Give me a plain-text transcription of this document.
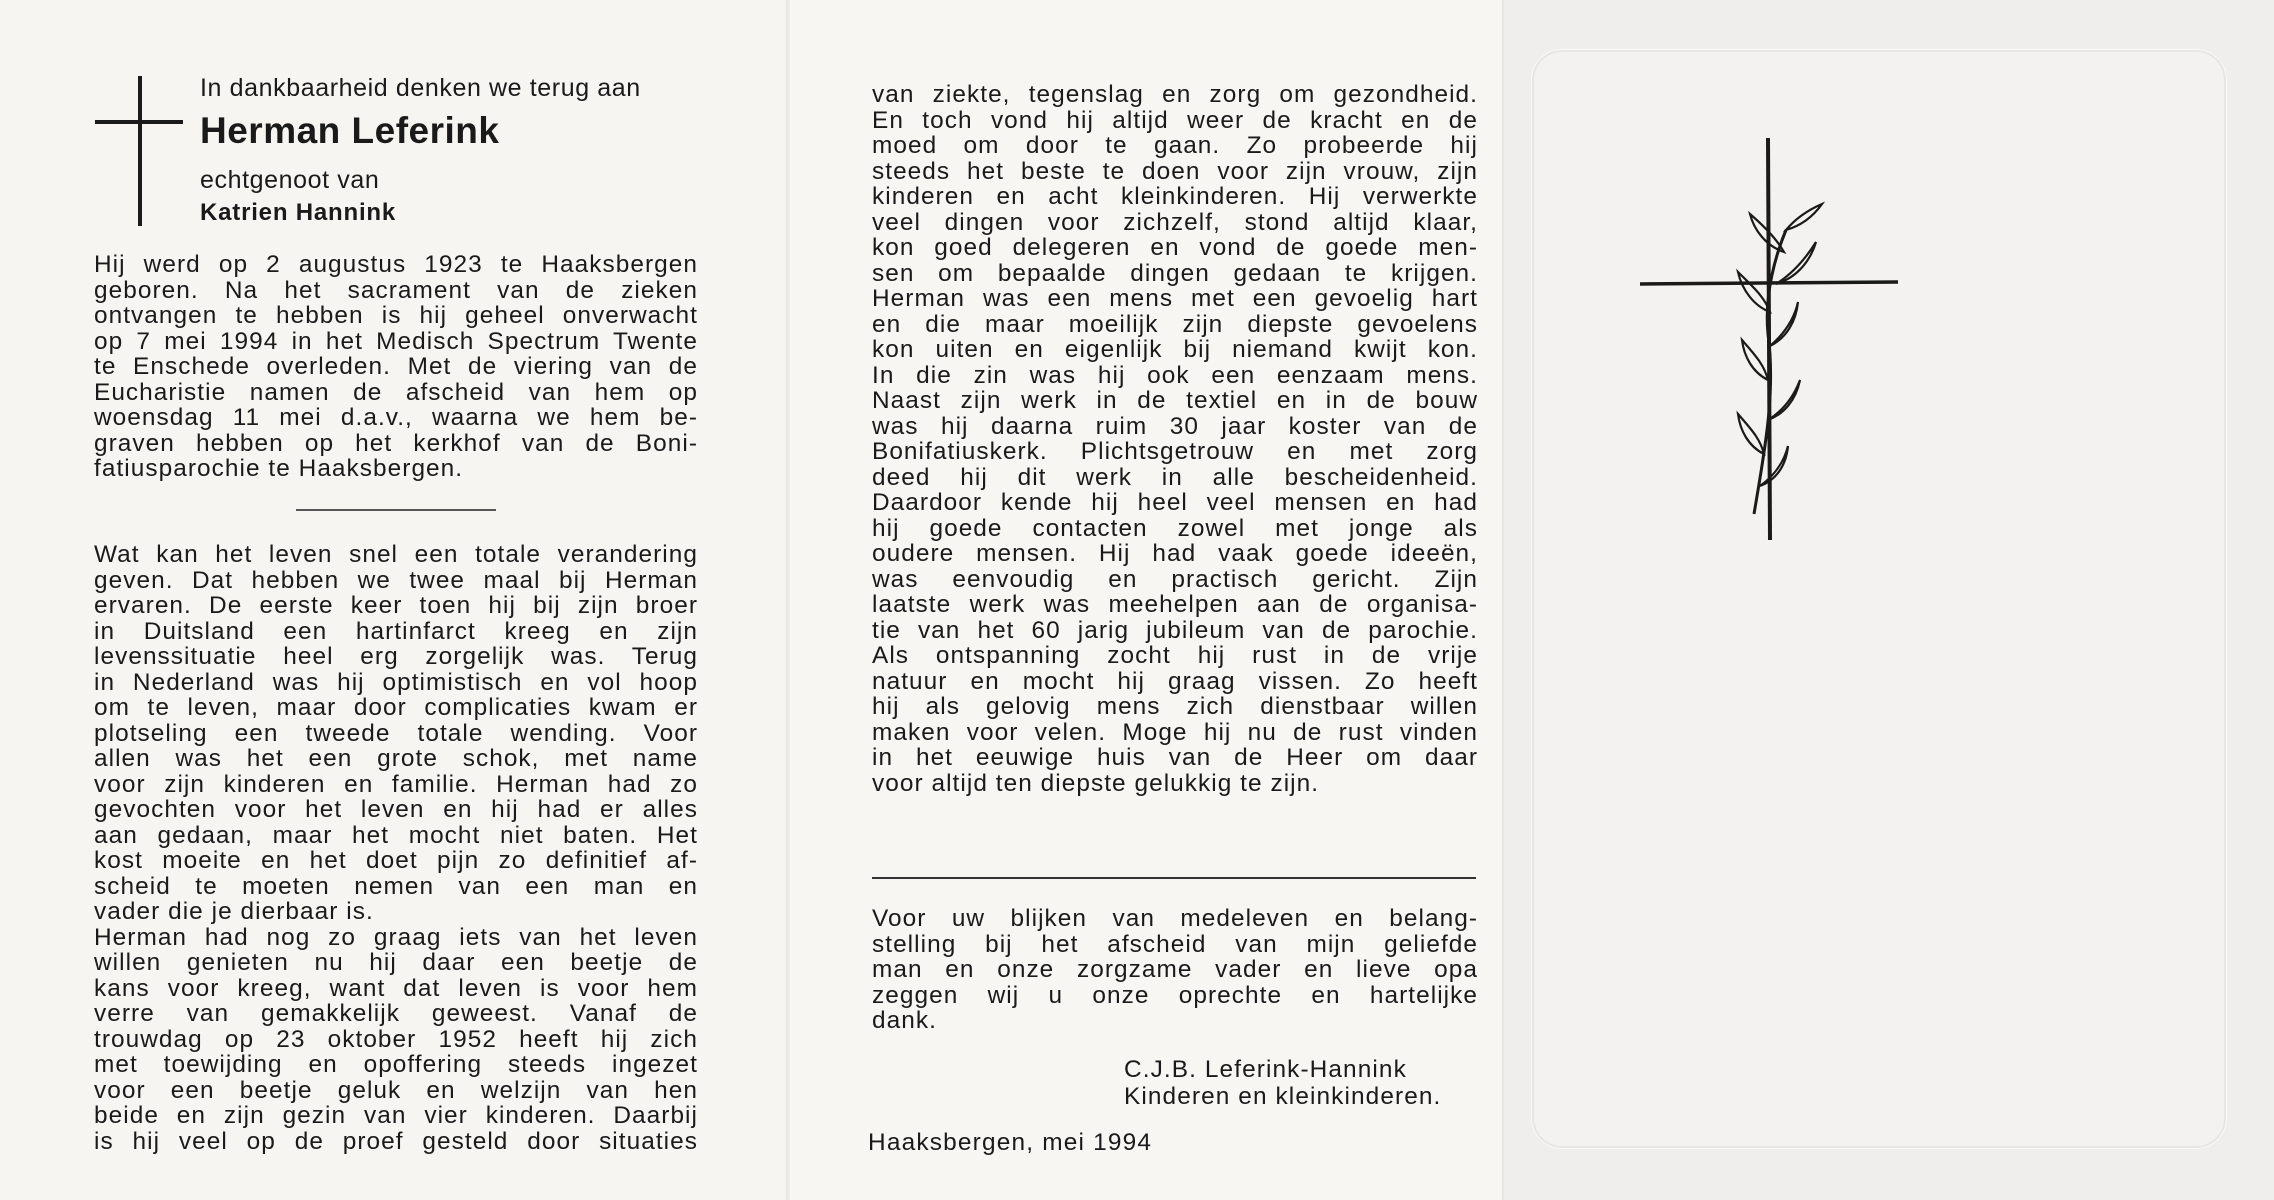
In dankbaarheid denken we terug aan
Herman Leferink
echtgenoot van
Katrien Hannink
Hij werd op 2 augustus 1923 te Haaksbergen
geboren. Na het sacrament van de zieken
ontvangen te hebben is hij geheel onverwacht
op 7 mei 1994 in het Medisch Spectrum Twente
te Enschede overleden. Met de viering van de
Eucharistie namen de afscheid van hem op
woensdag 11 mei d.a.v., waarna we hem be-
graven hebben op het kerkhof van de Boni-
fatiusparochie te Haaksbergen.
Wat kan het leven snel een totale verandering
geven. Dat hebben we twee maal bij Herman
ervaren. De eerste keer toen hij bij zijn broer
in Duitsland een hartinfarct kreeg en zijn
levenssituatie heel erg zorgelijk was. Terug
in Nederland was hij optimistisch en vol hoop
om te leven, maar door complicaties kwam er
plotseling een tweede totale wending. Voor
allen was het een grote schok, met name
voor zijn kinderen en familie. Herman had zo
gevochten voor het leven en hij had er alles
aan gedaan, maar het mocht niet baten. Het
kost moeite en het doet pijn zo definitief af-
scheid te moeten nemen van een man en
vader die je dierbaar is.
Herman had nog zo graag iets van het leven
willen genieten nu hij daar een beetje de
kans voor kreeg, want dat leven is voor hem
verre van gemakkelijk geweest. Vanaf de
trouwdag op 23 oktober 1952 heeft hij zich
met toewijding en opoffering steeds ingezet
voor een beetje geluk en welzijn van hen
beide en zijn gezin van vier kinderen. Daarbij
is hij veel op de proef gesteld door situaties
van ziekte, tegenslag en zorg om gezondheid.
En toch vond hij altijd weer de kracht en de
moed om door te gaan. Zo probeerde hij
steeds het beste te doen voor zijn vrouw, zijn
kinderen en acht kleinkinderen. Hij verwerkte
veel dingen voor zichzelf, stond altijd klaar,
kon goed delegeren en vond de goede men-
sen om bepaalde dingen gedaan te krijgen.
Herman was een mens met een gevoelig hart
en die maar moeilijk zijn diepste gevoelens
kon uiten en eigenlijk bij niemand kwijt kon.
In die zin was hij ook een eenzaam mens.
Naast zijn werk in de textiel en in de bouw
was hij daarna ruim 30 jaar koster van de
Bonifatiuskerk. Plichtsgetrouw en met zorg
deed hij dit werk in alle bescheidenheid.
Daardoor kende hij heel veel mensen en had
hij goede contacten zowel met jonge als
oudere mensen. Hij had vaak goede ideeën,
was eenvoudig en practisch gericht. Zijn
laatste werk was meehelpen aan de organisa-
tie van het 60 jarig jubileum van de parochie.
Als ontspanning zocht hij rust in de vrije
natuur en mocht hij graag vissen. Zo heeft
hij als gelovig mens zich dienstbaar willen
maken voor velen. Moge hij nu de rust vinden
in het eeuwige huis van de Heer om daar
voor altijd ten diepste gelukkig te zijn.
Voor uw blijken van medeleven en belang-
stelling bij het afscheid van mijn geliefde
man en onze zorgzame vader en lieve opa
zeggen wij u onze oprechte en hartelijke
dank.
C.J.B. Leferink-Hannink
Kinderen en kleinkinderen.
Haaksbergen, mei 1994
